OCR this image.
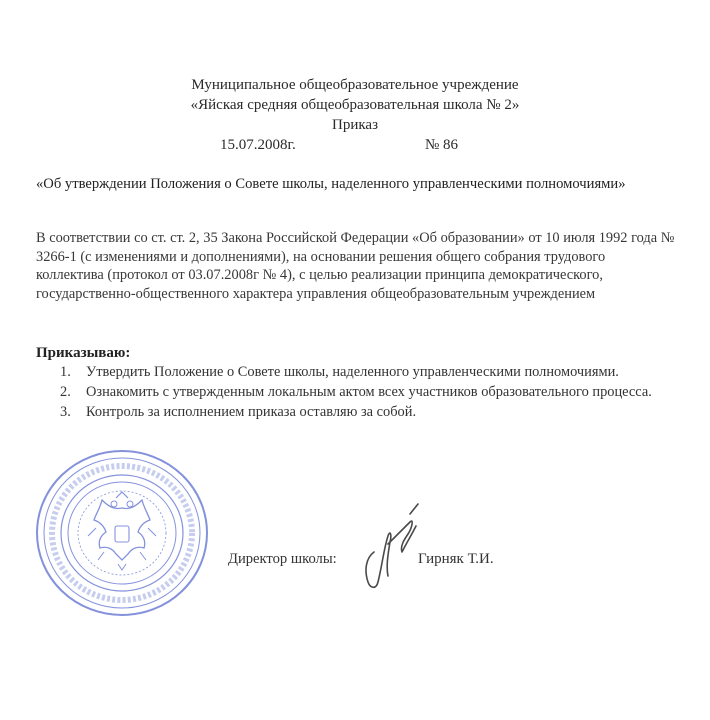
Муниципальное общеобразовательное учреждение
«Яйская средняя общеобразовательная школа № 2»
Приказ
15.07.2008г.	№ 86
«Об утверждении Положения о Совете школы, наделенного управленческими полномочиями»
В соответствии со ст. ст. 2, 35 Закона Российской Федерации «Об образовании» от 10 июля 1992 года № 3266-1 (с изменениями и дополнениями), на основании решения общего собрания трудового коллектива (протокол от 03.07.2008г № 4), с целью реализации принципа демократического, государственно-общественного характера управления общеобразовательным учреждением
Приказываю:
1. Утвердить Положение о Совете школы, наделенного управленческими полномочиями.
2. Ознакомить с утвержденным локальным актом всех участников образовательного процесса.
3. Контроль за исполнением приказа оставляю за собой.
Директор школы:	Гирняк Т.И.
